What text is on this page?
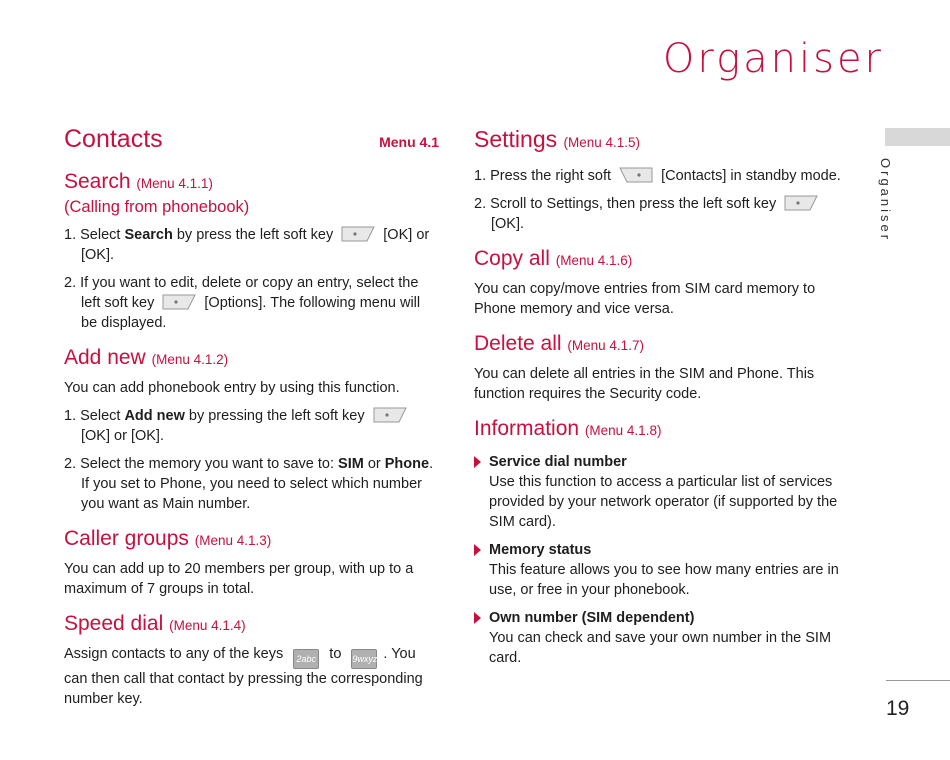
Organiser
Organiser
19
Contacts	Menu 4.1
Search (Menu 4.1.1)
(Calling from phonebook)

1. Select Search by press the left soft key	[OK] or [OK].

2. If you want to edit, delete or copy an entry, select the left soft key	[Options]. The following menu will be displayed.

Add new (Menu 4.1.2)

You can add phonebook entry by using this function.

1. Select Add new by pressing the left soft key  [OK] or [OK].

2. Select the memory you want to save to: SIM or Phone. If you set to Phone, you need to select which number you want as Main number.

Caller groups (Menu 4.1.3)

You can add up to 20 members per group, with up to a maximum of 7 groups in total.

Speed dial (Menu 4.1.4)

Assign contacts to any of the keys 2abc to 9wxyz . You can then call that contact by pressing the corresponding number key.

Settings (Menu 4.1.5)

1. Press the right soft	[Contacts] in standby mode.

2. Scroll to Settings, then press the left soft key  [OK].

Copy all (Menu 4.1.6)

You can copy/move entries from SIM card memory to Phone memory and vice versa.

Delete all (Menu 4.1.7)

You can delete all entries in the SIM and Phone. This function requires the Security code.

Information (Menu 4.1.8)
Service dial number
Use this function to access a particular list of services provided by your network operator (if supported by the SIM card).
Memory status
This feature allows you to see how many entries are in use, or free in your phonebook.
Own number (SIM dependent)
You can check and save your own number in the SIM card.
